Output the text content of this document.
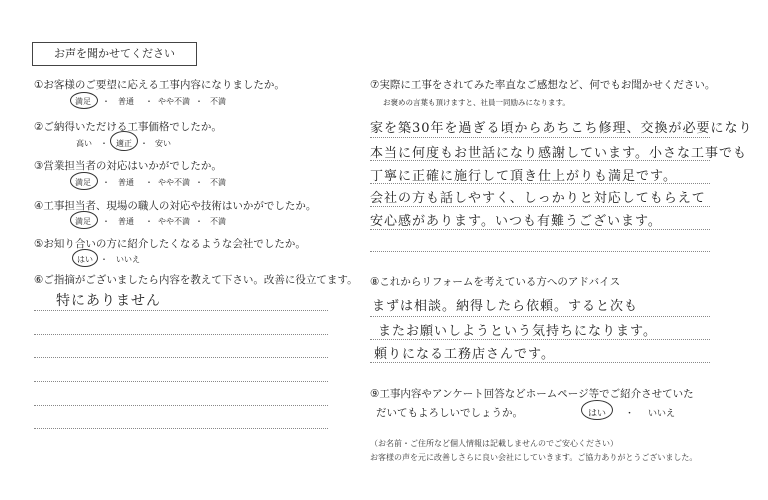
お声を聞かせてください
①お客様のご要望に応える工事内容になりましたか。
満足 ・ 普通 ・ やや不満 ・ 不満
②ご納得いただける工事価格でしたか。
高い ・ 適正 ・ 安い
③営業担当者の対応はいかがでしたか。
満足 ・ 普通 ・ やや不満 ・ 不満
④工事担当者、現場の職人の対応や技術はいかがでしたか。
満足 ・ 普通 ・ やや不満 ・ 不満
⑤お知り合いの方に紹介したくなるような会社でしたか。
はい ・ いいえ
⑥ご指摘がございましたら内容を教えて下さい。改善に役立てます。
特にありません
⑦実際に工事をされてみた率直なご感想など、何でもお聞かせください。
お褒めの言葉も頂けますと、社員一同励みになります。
家を築30年を過ぎる頃からあちこち修理、交換が必要になり
本当に何度もお世話になり感謝しています。小さな工事でも
丁寧に正確に施行して頂き仕上がりも満足です。
会社の方も話しやすく、しっかりと対応してもらえて
安心感があります。いつも有難うございます。
⑧これからリフォームを考えている方へのアドバイス
まずは相談。納得したら依頼。すると次も
またお願いしようという気持ちになります。
頼りになる工務店さんです。
⑨工事内容やアンケート回答などホームページ等でご紹介させていた
だいてもよろしいでしょうか。	はい ・ いいえ
（お名前・ご住所など個人情報は記載しませんのでご安心ください）
お客様の声を元に改善しさらに良い会社にしていきます。ご協力ありがとうございました。
